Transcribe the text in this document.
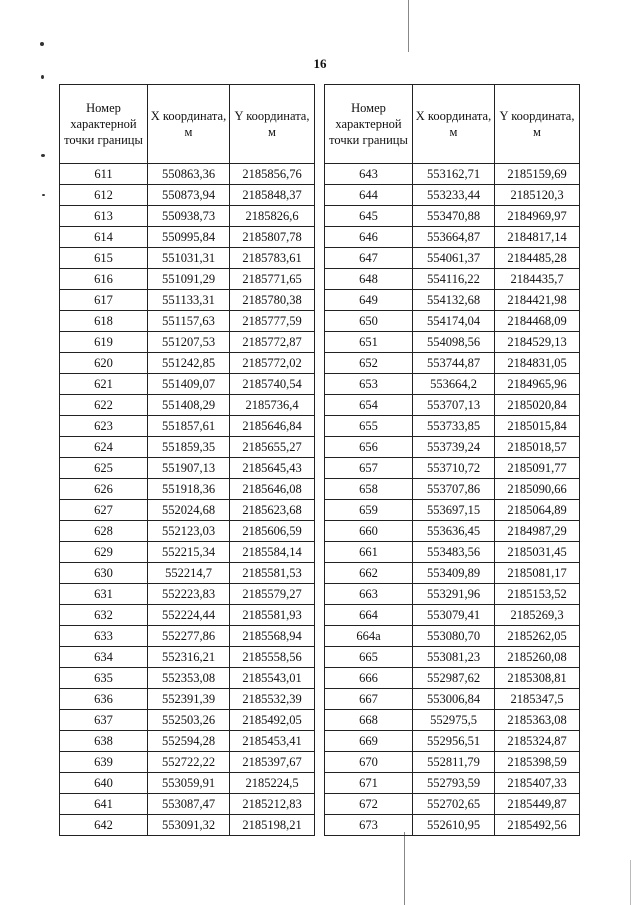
16
Номер характерной точки границы	X координата, м	Y координата, м
611	550863,36	2185856,76
612	550873,94	2185848,37
613	550938,73	2185826,6
614	550995,84	2185807,78
615	551031,31	2185783,61
616	551091,29	2185771,65
617	551133,31	2185780,38
618	551157,63	2185777,59
619	551207,53	2185772,87
620	551242,85	2185772,02
621	551409,07	2185740,54
622	551408,29	2185736,4
623	551857,61	2185646,84
624	551859,35	2185655,27
625	551907,13	2185645,43
626	551918,36	2185646,08
627	552024,68	2185623,68
628	552123,03	2185606,59
629	552215,34	2185584,14
630	552214,7	2185581,53
631	552223,83	2185579,27
632	552224,44	2185581,93
633	552277,86	2185568,94
634	552316,21	2185558,56
635	552353,08	2185543,01
636	552391,39	2185532,39
637	552503,26	2185492,05
638	552594,28	2185453,41
639	552722,22	2185397,67
640	553059,91	2185224,5
641	553087,47	2185212,83
642	553091,32	2185198,21
Номер характерной точки границы	X координата, м	Y координата, м
643	553162,71	2185159,69
644	553233,44	2185120,3
645	553470,88	2184969,97
646	553664,87	2184817,14
647	554061,37	2184485,28
648	554116,22	2184435,7
649	554132,68	2184421,98
650	554174,04	2184468,09
651	554098,56	2184529,13
652	553744,87	2184831,05
653	553664,2	2184965,96
654	553707,13	2185020,84
655	553733,85	2185015,84
656	553739,24	2185018,57
657	553710,72	2185091,77
658	553707,86	2185090,66
659	553697,15	2185064,89
660	553636,45	2184987,29
661	553483,56	2185031,45
662	553409,89	2185081,17
663	553291,96	2185153,52
664	553079,41	2185269,3
664а	553080,70	2185262,05
665	553081,23	2185260,08
666	552987,62	2185308,81
667	553006,84	2185347,5
668	552975,5	2185363,08
669	552956,51	2185324,87
670	552811,79	2185398,59
671	552793,59	2185407,33
672	552702,65	2185449,87
673	552610,95	2185492,56
